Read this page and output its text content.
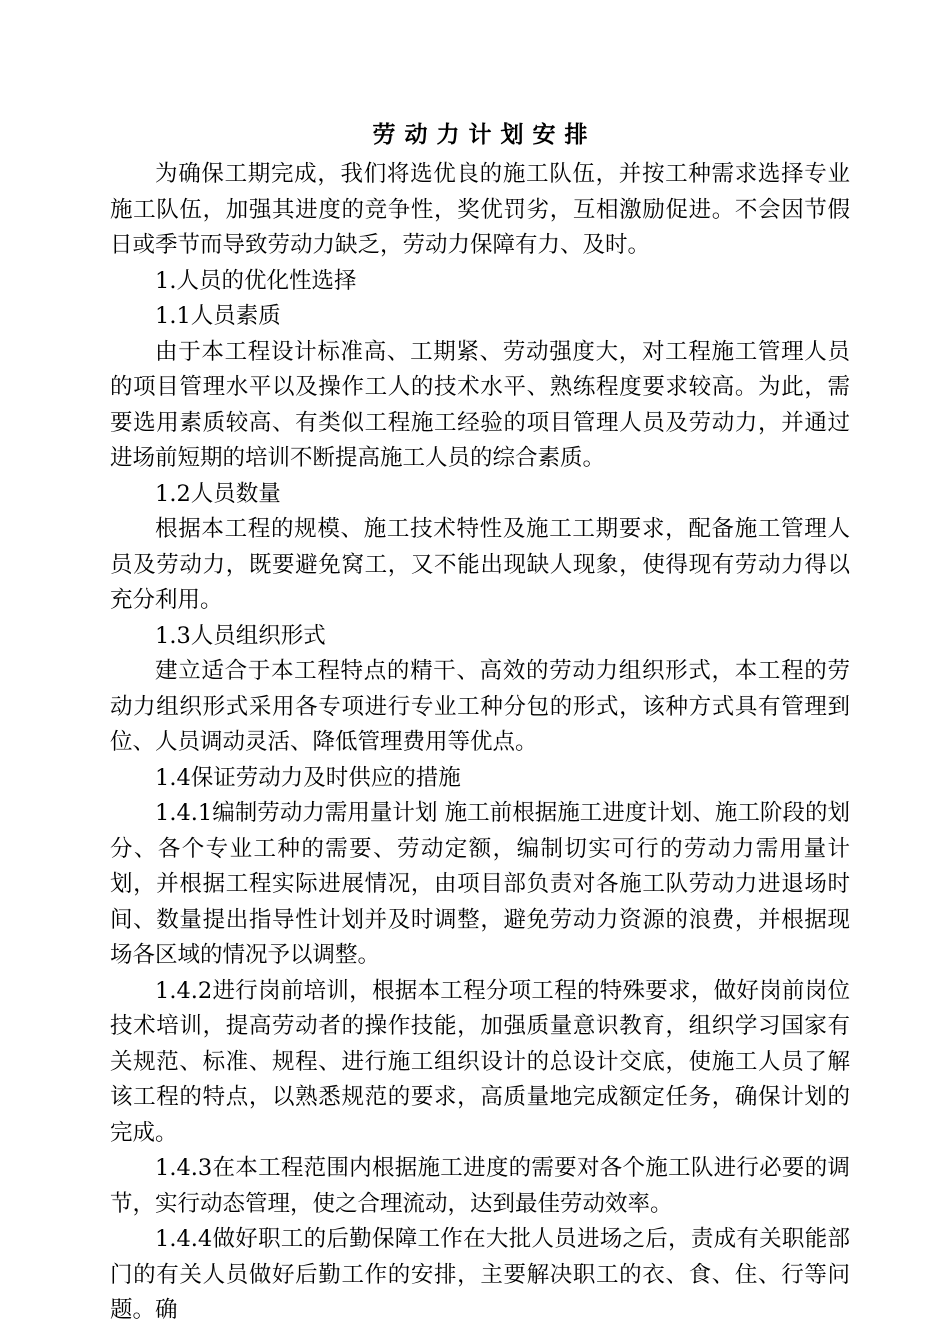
劳动力计划安排

为确保工期完成，我们将选优良的施工队伍，并按工种需求选择专业施工队伍，加强其进度的竞争性，奖优罚劣，互相激励促进。不会因节假日或季节而导致劳动力缺乏，劳动力保障有力、及时。

1.人员的优化性选择

1.1人员素质

由于本工程设计标准高、工期紧、劳动强度大，对工程施工管理人员的项目管理水平以及操作工人的技术水平、熟练程度要求较高。为此，需要选用素质较高、有类似工程施工经验的项目管理人员及劳动力，并通过进场前短期的培训不断提高施工人员的综合素质。

1.2人员数量

根据本工程的规模、施工技术特性及施工工期要求，配备施工管理人员及劳动力，既要避免窝工，又不能出现缺人现象，使得现有劳动力得以充分利用。

1.3人员组织形式

建立适合于本工程特点的精干、高效的劳动力组织形式，本工程的劳动力组织形式采用各专项进行专业工种分包的形式，该种方式具有管理到位、人员调动灵活、降低管理费用等优点。

1.4保证劳动力及时供应的措施

1.4.1编制劳动力需用量计划 施工前根据施工进度计划、施工阶段的划分、各个专业工种的需要、劳动定额，编制切实可行的劳动力需用量计划，并根据工程实际进展情况，由项目部负责对各施工队劳动力进退场时间、数量提出指导性计划并及时调整，避免劳动力资源的浪费，并根据现场各区域的情况予以调整。

1.4.2进行岗前培训，根据本工程分项工程的特殊要求，做好岗前岗位技术培训，提高劳动者的操作技能，加强质量意识教育，组织学习国家有关规范、标准、规程、进行施工组织设计的总设计交底，使施工人员了解该工程的特点，以熟悉规范的要求，高质量地完成额定任务，确保计划的完成。

1.4.3在本工程范围内根据施工进度的需要对各个施工队进行必要的调节，实行动态管理，使之合理流动，达到最佳劳动效率。

1.4.4做好职工的后勤保障工作在大批人员进场之后，责成有关职能部门的有关人员做好后勤工作的安排，主要解决职工的衣、食、住、行等问题。确
